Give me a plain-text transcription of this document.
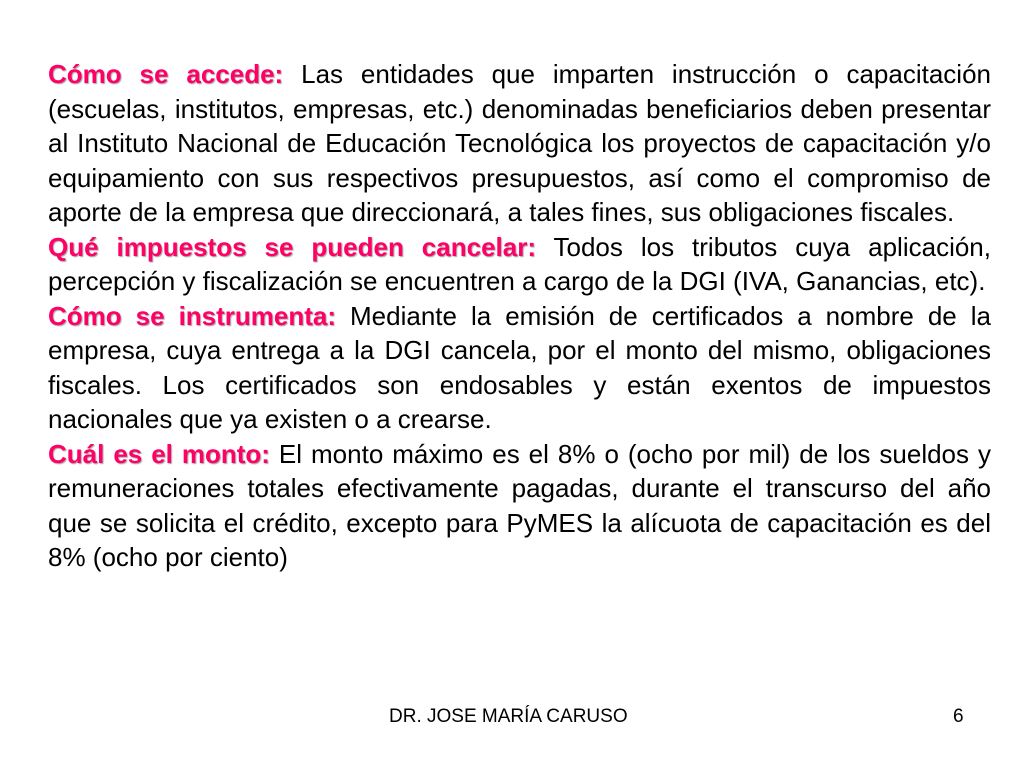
Cómo se accede: Las entidades que imparten instrucción o capacitación (escuelas, institutos, empresas, etc.) denominadas beneficiarios deben presentar al Instituto Nacional de Educación Tecnológica los proyectos de capacitación y/o equipamiento con sus respectivos presupuestos, así como el compromiso de aporte de la empresa que direccionará, a tales fines, sus obligaciones fiscales.

Qué impuestos se pueden cancelar: Todos los tributos cuya aplicación, percepción y fiscalización se encuentren a cargo de la DGI (IVA, Ganancias, etc).

Cómo se instrumenta: Mediante la emisión de certificados a nombre de la empresa, cuya entrega a la DGI cancela, por el monto del mismo, obligaciones fiscales. Los certificados son endosables y están exentos de impuestos nacionales que ya existen o a crearse.

Cuál es el monto: El monto máximo es el 8% o (ocho por mil) de los sueldos y remuneraciones totales efectivamente pagadas, durante el transcurso del año que se solicita el crédito, excepto para PyMES la alícuota de capacitación es del 8% (ocho por ciento)

DR. JOSE MARÍA CARUSO	6
